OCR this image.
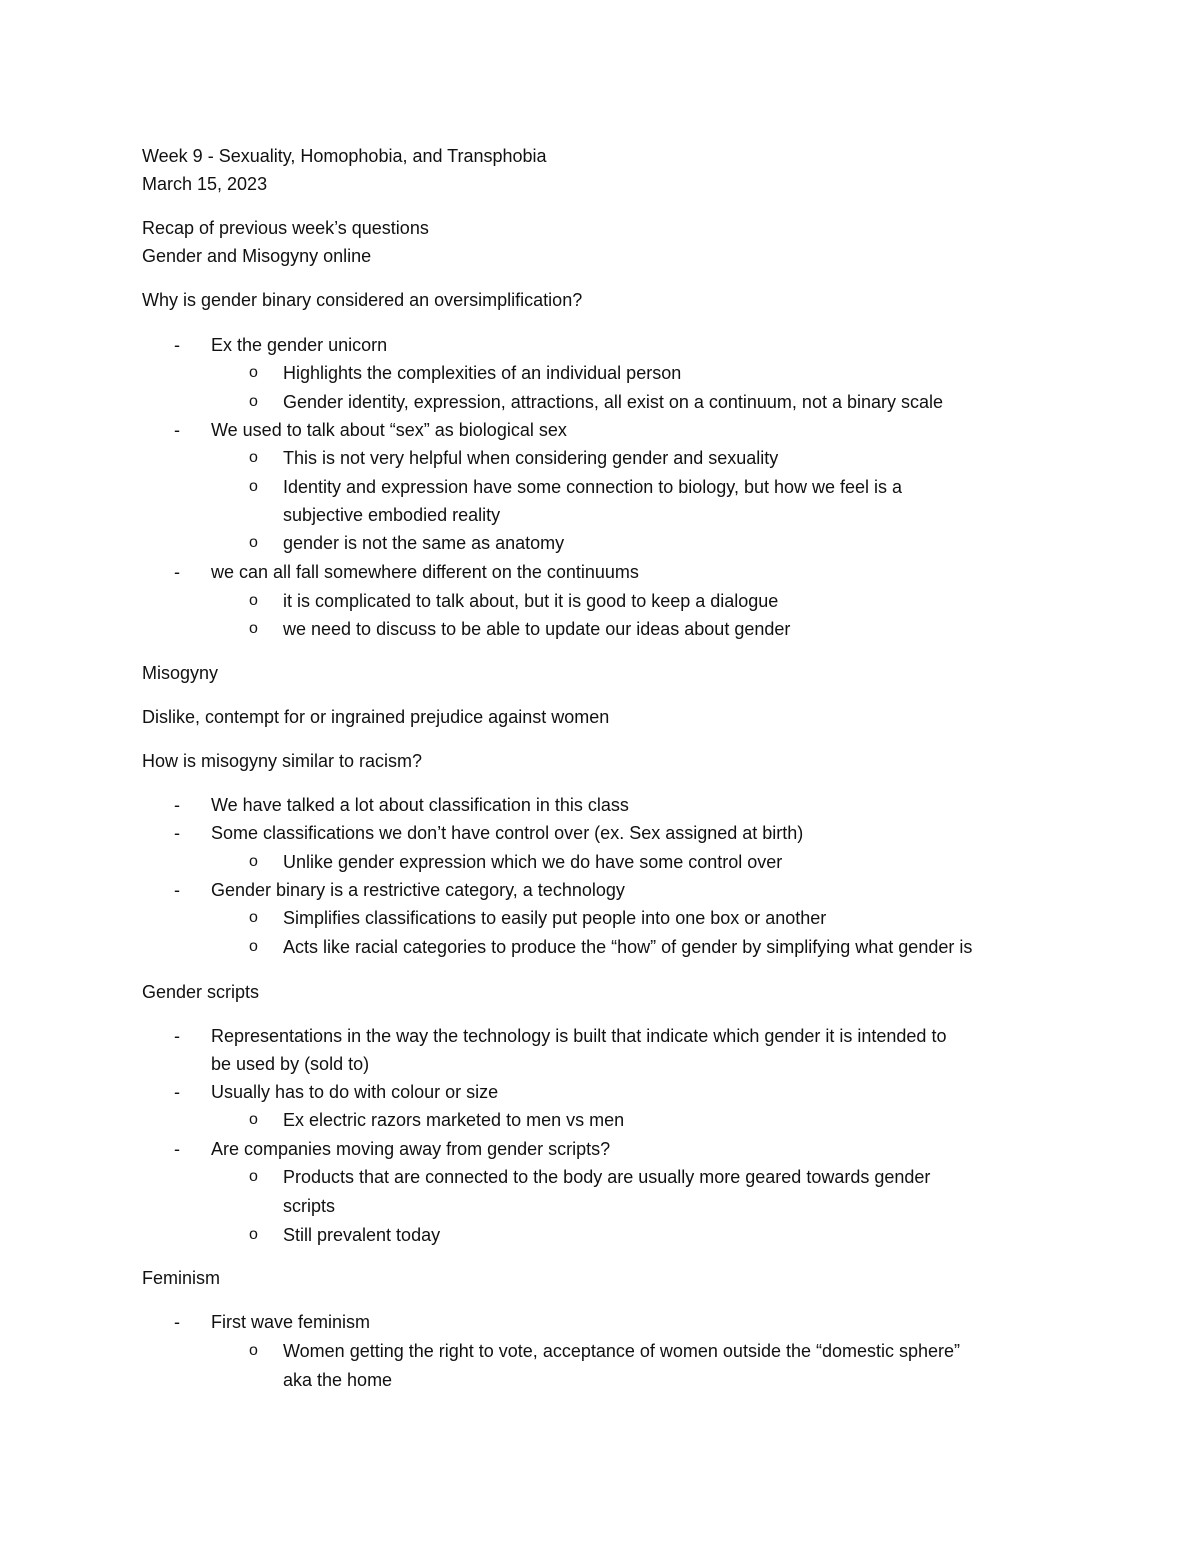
Week 9 - Sexuality, Homophobia, and Transphobia
March 15, 2023
Recap of previous week’s questions
Gender and Misogyny online
Why is gender binary considered an oversimplification?
- Ex the gender unicorn
o Highlights the complexities of an individual person
o Gender identity, expression, attractions, all exist on a continuum, not a binary scale
- We used to talk about “sex” as biological sex
o This is not very helpful when considering gender and sexuality
o Identity and expression have some connection to biology, but how we feel is a
subjective embodied reality
o gender is not the same as anatomy
- we can all fall somewhere different on the continuums
o it is complicated to talk about, but it is good to keep a dialogue
o we need to discuss to be able to update our ideas about gender
Misogyny
Dislike, contempt for or ingrained prejudice against women
How is misogyny similar to racism?
- We have talked a lot about classification in this class
- Some classifications we don’t have control over (ex. Sex assigned at birth)
o Unlike gender expression which we do have some control over
- Gender binary is a restrictive category, a technology
o Simplifies classifications to easily put people into one box or another
o Acts like racial categories to produce the “how” of gender by simplifying what gender is
Gender scripts
- Representations in the way the technology is built that indicate which gender it is intended to
be used by (sold to)
- Usually has to do with colour or size
o Ex electric razors marketed to men vs men
- Are companies moving away from gender scripts?
o Products that are connected to the body are usually more geared towards gender
scripts
o Still prevalent today
Feminism
- First wave feminism
o Women getting the right to vote, acceptance of women outside the “domestic sphere”
aka the home
